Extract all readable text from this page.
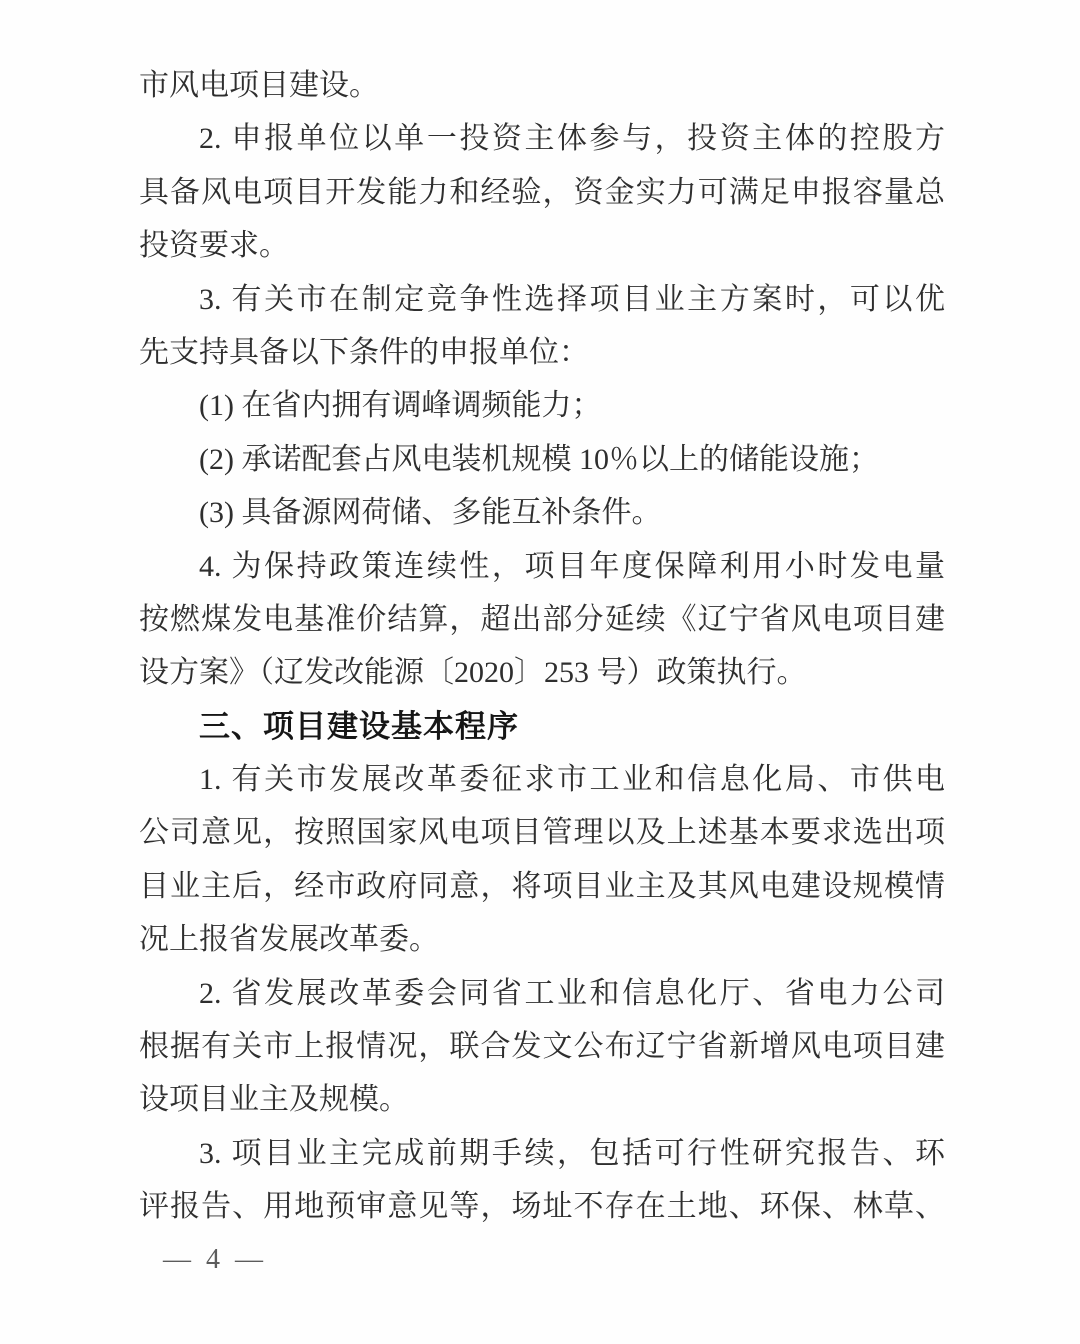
市风电项目建设。
2. 申报单位以单一投资主体参与，投资主体的控股方
具备风电项目开发能力和经验，资金实力可满足申报容量总
投资要求。
3. 有关市在制定竞争性选择项目业主方案时，可以优
先支持具备以下条件的申报单位：
(1) 在省内拥有调峰调频能力；
(2) 承诺配套占风电装机规模 10％以上的储能设施；
(3) 具备源网荷储、多能互补条件。
4. 为保持政策连续性，项目年度保障利用小时发电量
按燃煤发电基准价结算，超出部分延续《辽宁省风电项目建
设方案》（辽发改能源〔2020〕253 号）政策执行。
三、项目建设基本程序
1. 有关市发展改革委征求市工业和信息化局、市供电
公司意见，按照国家风电项目管理以及上述基本要求选出项
目业主后，经市政府同意，将项目业主及其风电建设规模情
况上报省发展改革委。
2. 省发展改革委会同省工业和信息化厅、省电力公司
根据有关市上报情况，联合发文公布辽宁省新增风电项目建
设项目业主及规模。
3. 项目业主完成前期手续，包括可行性研究报告、环
评报告、用地预审意见等，场址不存在土地、环保、林草、
— 4 —
